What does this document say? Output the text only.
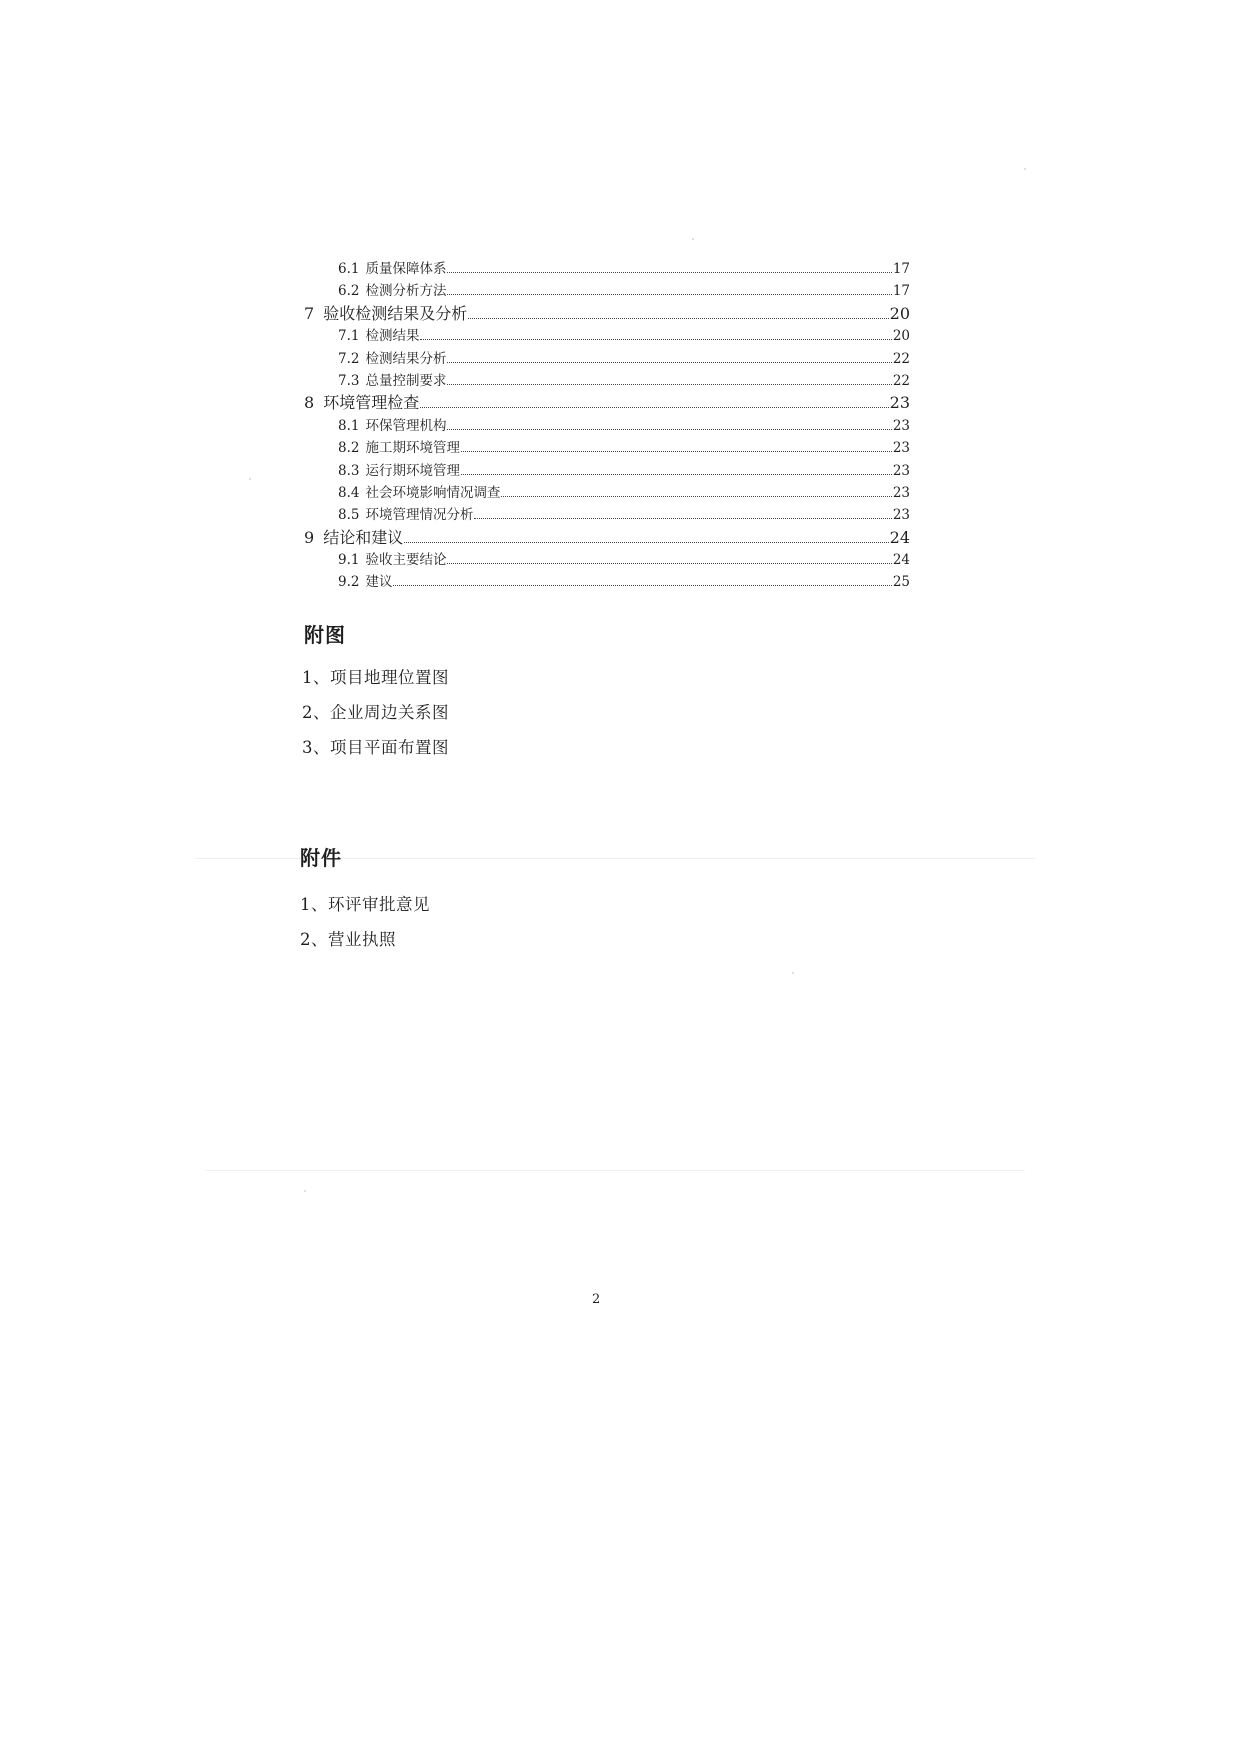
6.1 质量保障体系	17
6.2 检测分析方法	17
7 验收检测结果及分析	20
7.1 检测结果	20
7.2 检测结果分析	22
7.3 总量控制要求	22
8 环境管理检查	23
8.1 环保管理机构	23
8.2 施工期环境管理	23
8.3 运行期环境管理	23
8.4 社会环境影响情况调查	23
8.5 环境管理情况分析	23
9 结论和建议	24
9.1 验收主要结论	24
9.2 建议	25
附图
1、项目地理位置图
2、企业周边关系图
3、项目平面布置图
附件
1、环评审批意见
2、营业执照
2
